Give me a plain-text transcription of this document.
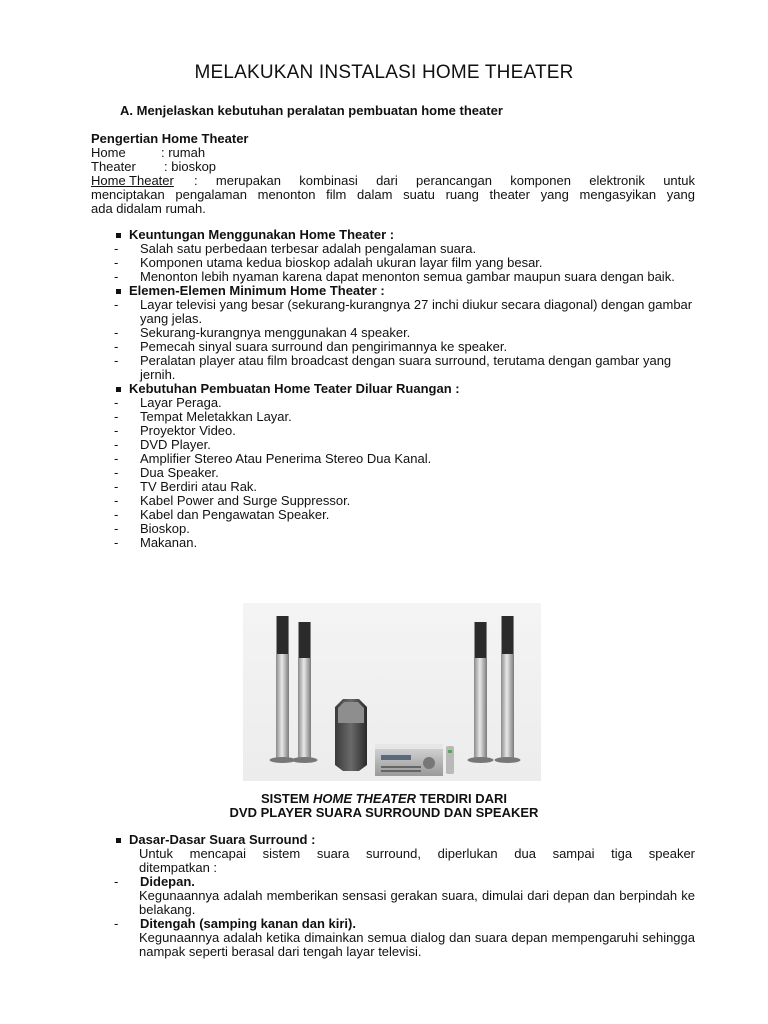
MELAKUKAN INSTALASI HOME THEATER
A. Menjelaskan kebutuhan peralatan pembuatan home theater
Pengertian Home Theater
Home	: rumah
Theater	: bioskop
Home Theater : merupakan kombinasi dari perancangan komponen elektronik untuk
menciptakan pengalaman menonton film dalam suatu ruang theater yang mengasyikan yang
ada didalam rumah.
Keuntungan Menggunakan Home Theater :
-	Salah satu perbedaan terbesar adalah pengalaman suara.
-	Komponen utama kedua bioskop adalah ukuran layar film yang besar.
-	Menonton lebih nyaman karena dapat menonton semua gambar maupun suara dengan baik.
Elemen-Elemen Minimum Home Theater :
-	Layar televisi yang besar (sekurang-kurangnya 27 inchi diukur secara diagonal) dengan gambar yang jelas.
-	Sekurang-kurangnya menggunakan 4 speaker.
-	Pemecah sinyal suara surround dan pengirimannya ke speaker.
-	Peralatan player atau film broadcast dengan suara surround, terutama dengan gambar yang jernih.
Kebutuhan Pembuatan Home Teater Diluar Ruangan :
-	Layar Peraga.
-	Tempat Meletakkan Layar.
-	Proyektor Video.
-	DVD Player.
-	Amplifier Stereo Atau Penerima Stereo Dua Kanal.
-	Dua Speaker.
-	TV Berdiri atau Rak.
-	Kabel Power and Surge Suppressor.
-	Kabel dan Pengawatan Speaker.
-	Bioskop.
-	Makanan.
SISTEM HOME THEATER TERDIRI DARI
DVD PLAYER SUARA SURROUND DAN SPEAKER
Dasar-Dasar Suara Surround :
Untuk mencapai sistem suara surround, diperlukan dua sampai tiga speaker
ditempatkan :
-	Didepan.
Kegunaannya adalah memberikan sensasi gerakan suara, dimulai dari depan dan berpindah ke belakang.
-	Ditengah (samping kanan dan kiri).
Kegunaannya adalah ketika dimainkan semua dialog dan suara depan mempengaruhi sehingga nampak seperti berasal dari tengah layar televisi.
